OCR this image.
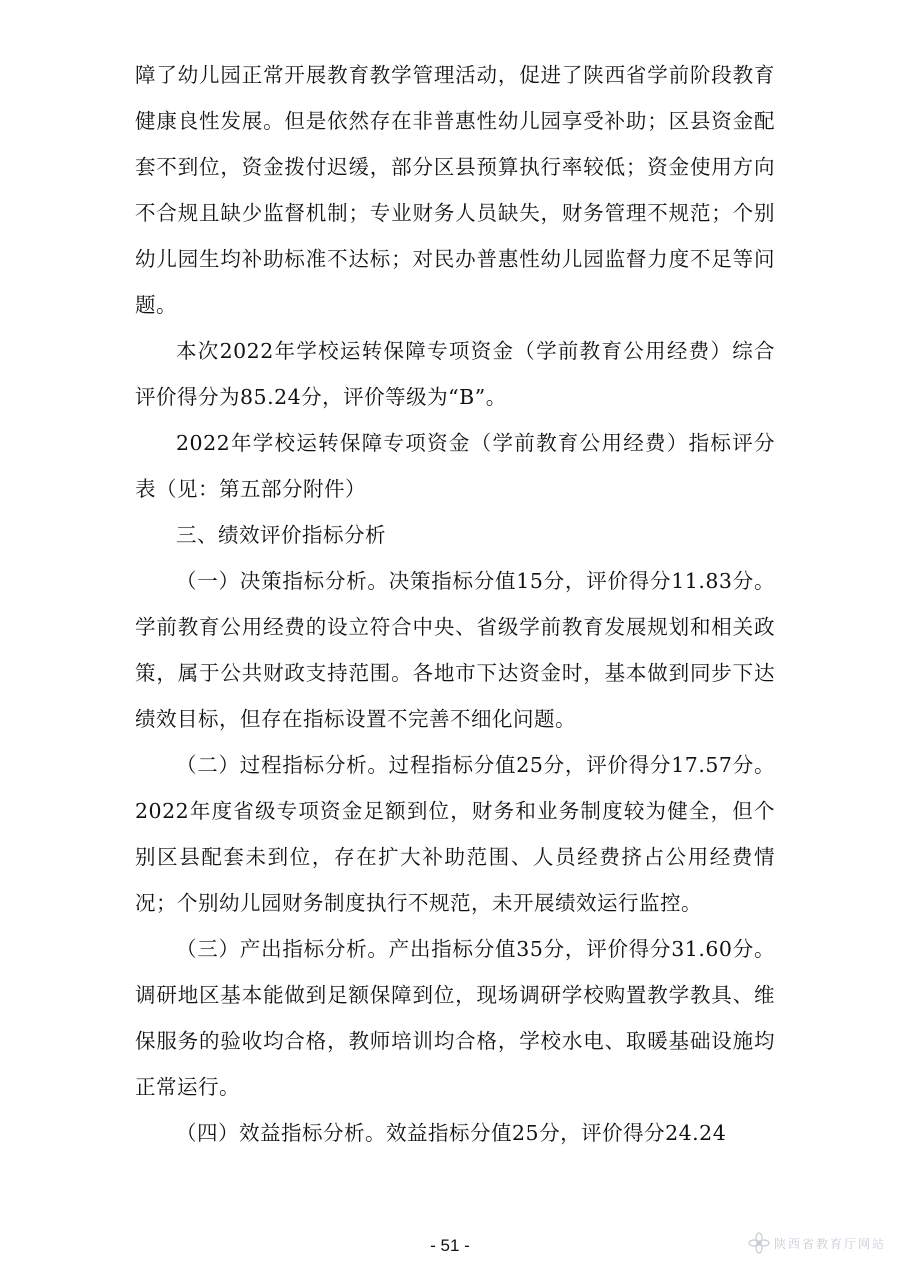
障了幼儿园正常开展教育教学管理活动，促进了陕西省学前阶段教育健康良性发展。但是依然存在非普惠性幼儿园享受补助；区县资金配套不到位，资金拨付迟缓，部分区县预算执行率较低；资金使用方向不合规且缺少监督机制；专业财务人员缺失，财务管理不规范；个别幼儿园生均补助标准不达标；对民办普惠性幼儿园监督力度不足等问题。

本次2022年学校运转保障专项资金（学前教育公用经费）综合评价得分为85.24分，评价等级为“B”。

2022年学校运转保障专项资金（学前教育公用经费）指标评分表（见：第五部分附件）

三、绩效评价指标分析

（一）决策指标分析。决策指标分值15分，评价得分11.83分。学前教育公用经费的设立符合中央、省级学前教育发展规划和相关政策，属于公共财政支持范围。各地市下达资金时，基本做到同步下达绩效目标，但存在指标设置不完善不细化问题。

（二）过程指标分析。过程指标分值25分，评价得分17.57分。2022年度省级专项资金足额到位，财务和业务制度较为健全，但个别区县配套未到位，存在扩大补助范围、人员经费挤占公用经费情况；个别幼儿园财务制度执行不规范，未开展绩效运行监控。

（三）产出指标分析。产出指标分值35分，评价得分31.60分。调研地区基本能做到足额保障到位，现场调研学校购置教学教具、维保服务的验收均合格，教师培训均合格，学校水电、取暖基础设施均正常运行。

（四）效益指标分析。效益指标分值25分，评价得分24.24

- 51 -	陕西省教育厅网站
